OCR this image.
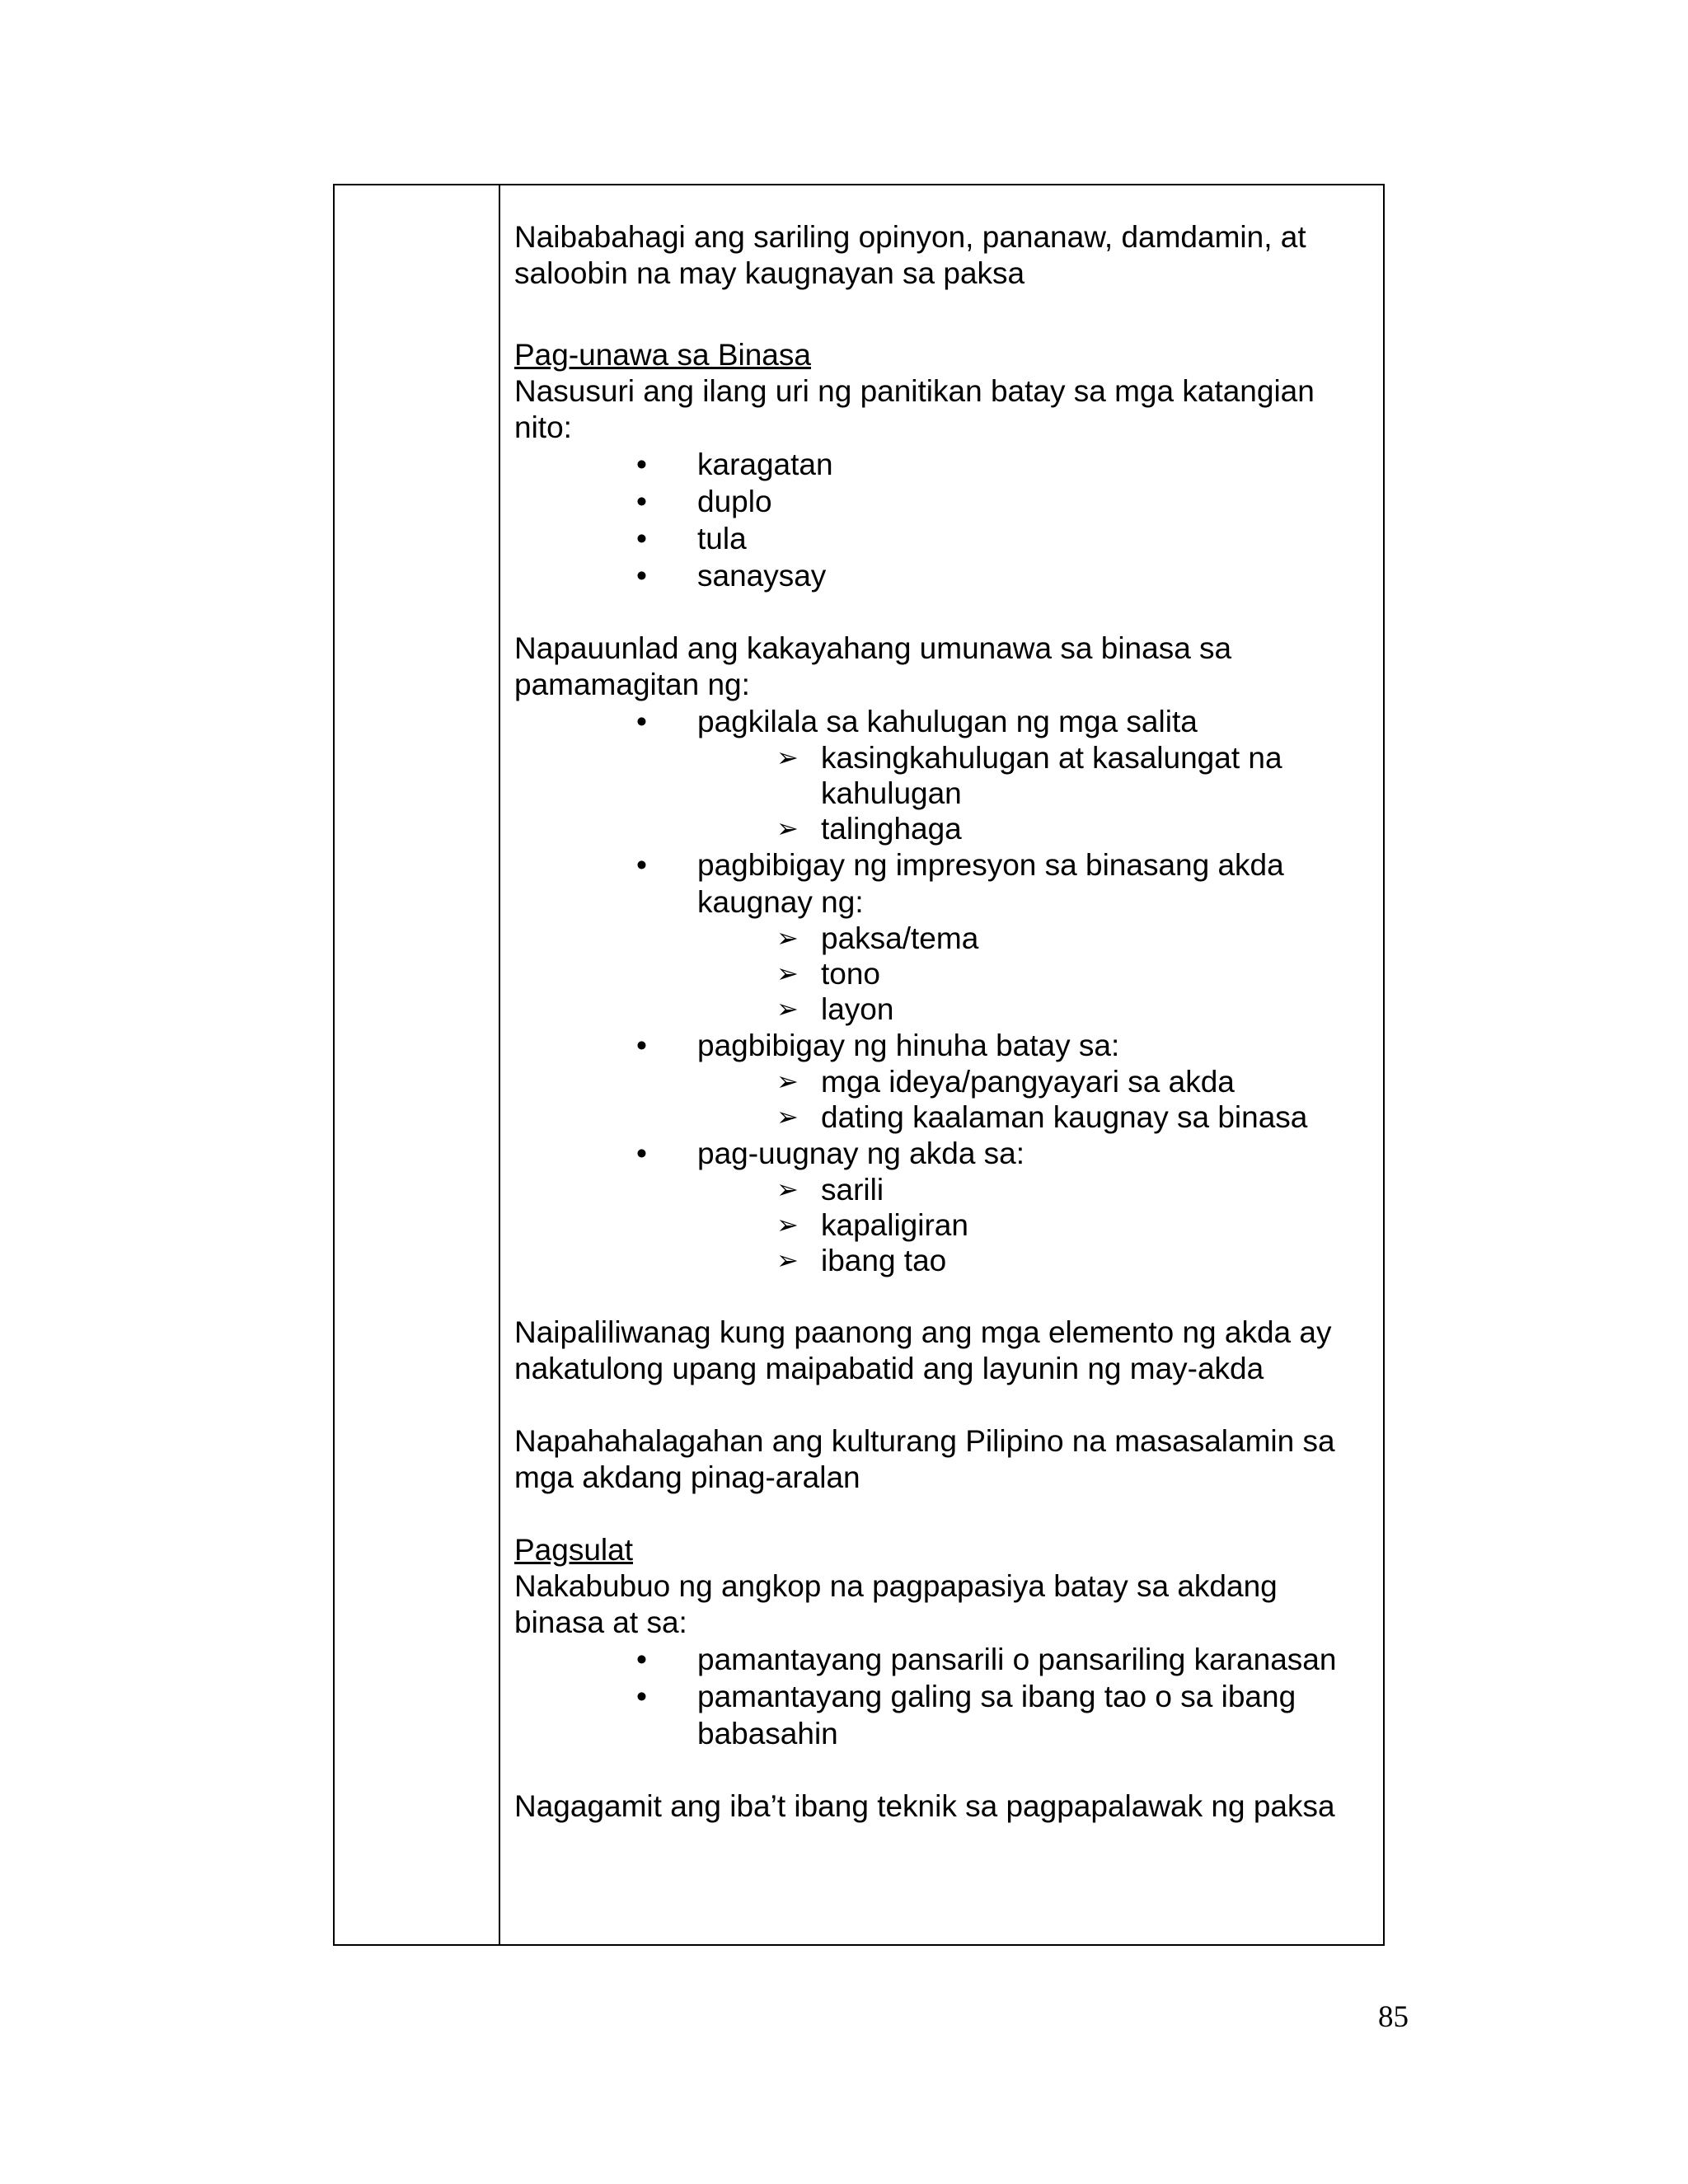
Naibabahagi ang sariling opinyon, pananaw, damdamin, at saloobin na may kaugnayan sa paksa

Pag-unawa sa Binasa

Nasusuri ang ilang uri ng panitikan batay sa mga katangian nito:

•	karagatan

•	duplo

•	tula

•	sanaysay

Napauunlad ang kakayahang umunawa sa binasa sa pamamagitan ng:

•	pagkilala sa kahulugan ng mga salita

➢ kasingkahulugan at kasalungat na kahulugan

➢ talinghaga

•	pagbibigay ng impresyon sa binasang akda kaugnay ng:

➢ paksa/tema

➢ tono

➢ layon

•	pagbibigay ng hinuha batay sa:

➢ mga ideya/pangyayari sa akda

➢ dating kaalaman kaugnay sa binasa

•	pag-uugnay ng akda sa:

➢ sarili

➢ kapaligiran

➢ ibang tao

Naipaliliwanag kung paanong ang mga elemento ng akda ay nakatulong upang maipabatid ang layunin ng may-akda

Napahahalagahan ang kulturang Pilipino na masasalamin sa mga akdang pinag-aralan

Pagsulat

Nakabubuo ng angkop na pagpapasiya batay sa akdang binasa at sa:

•	pamantayang pansarili o pansariling karanasan

•	pamantayang galing sa ibang tao o sa ibang babasahin

Nagagamit ang iba’t ibang teknik sa pagpapalawak ng paksa

85
